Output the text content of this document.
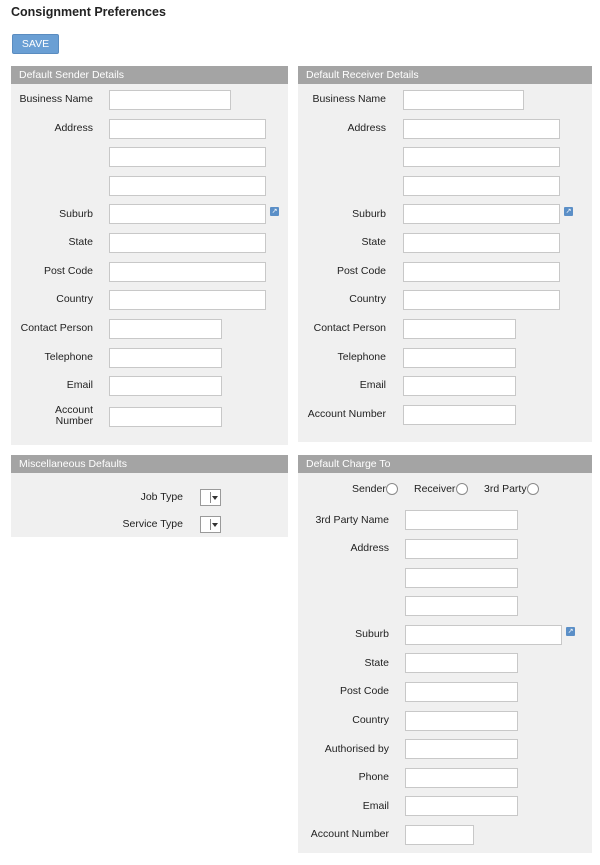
Consignment Preferences
SAVE
Default Sender Details
Business Name
Address
Suburb	↗
State
Post Code
Country
Contact Person
Telephone
Email
Account
Number
Default Receiver Details
Business Name
Address
Suburb	↗
State
Post Code
Country
Contact Person
Telephone
Email
Account Number
Miscellaneous Defaults
Job Type
Service Type
Default Charge To
Sender	Receiver	3rd Party
3rd Party Name
Address
Suburb	↗
State
Post Code
Country
Authorised by
Phone
Email
Account Number
